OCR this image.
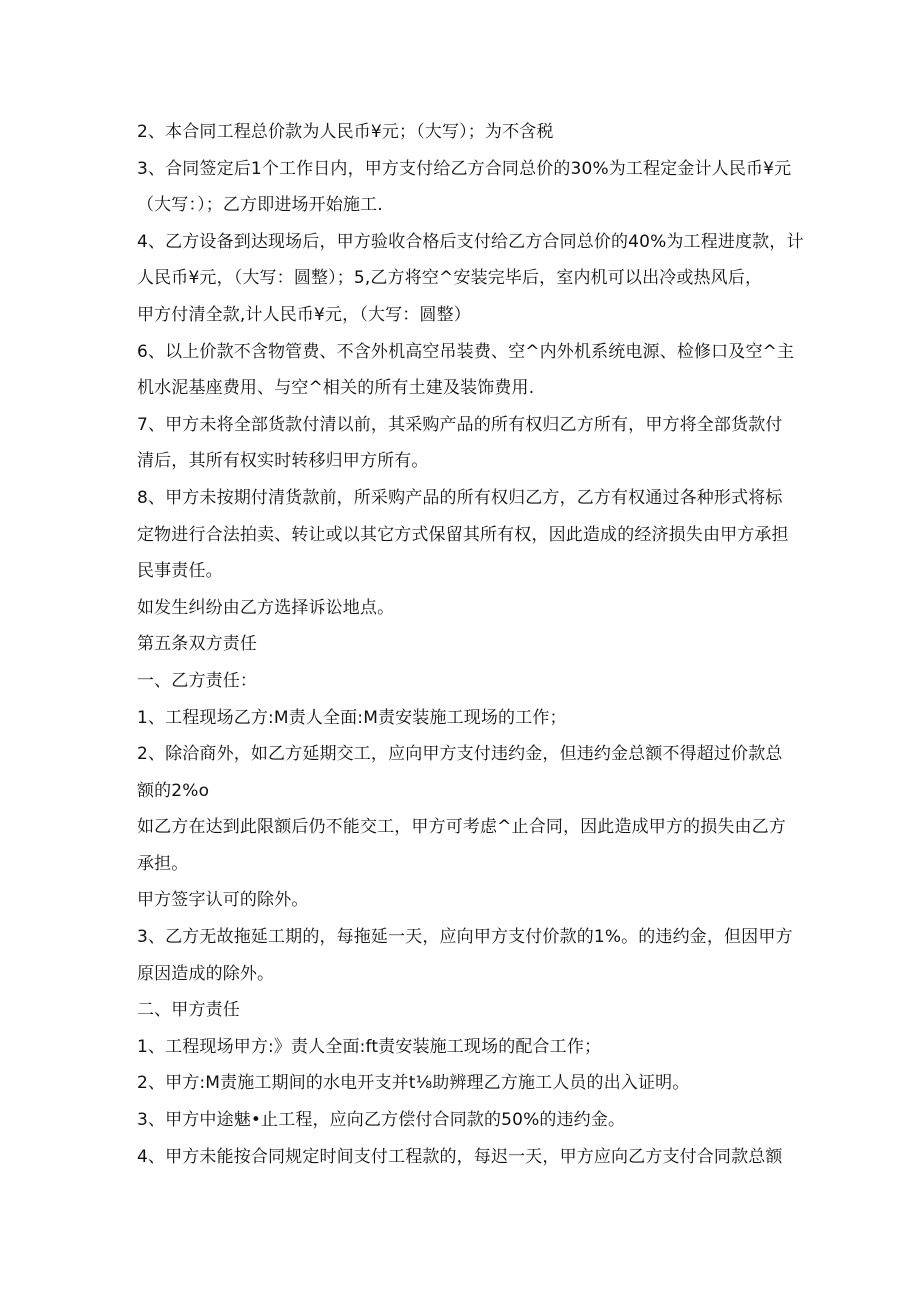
2、本合同工程总价款为人民币¥元；（大写）；为不含税
3、合同签定后1个工作日内，甲方支付给乙方合同总价的30%为工程定金计人民币¥元
（大写：）；乙方即进场开始施工.
4、乙方设备到达现场后，甲方验收合格后支付给乙方合同总价的40%为工程进度款，计
人民币¥元，（大写：圆整）；5,乙方将空^安装完毕后，室内机可以出冷或热风后，
甲方付清全款,计人民币¥元，（大写：圆整）
6、以上价款不含物管费、不含外机高空吊装费、空^内外机系统电源、检修口及空^主
机水泥基座费用、与空^相关的所有土建及装饰费用.
7、甲方未将全部货款付清以前，其采购产品的所有权归乙方所有，甲方将全部货款付
清后，其所有权实时转移归甲方所有。
8、甲方未按期付清货款前，所采购产品的所有权归乙方，乙方有权通过各种形式将标
定物进行合法拍卖、转让或以其它方式保留其所有权，因此造成的经济损失由甲方承担
民事责任。
如发生纠纷由乙方选择诉讼地点。
第五条双方责任
一、乙方责任：
1、工程现场乙方:M责人全面:M责安装施工现场的工作；
2、除洽商外，如乙方延期交工，应向甲方支付违约金，但违约金总额不得超过价款总
额的2%o
如乙方在达到此限额后仍不能交工，甲方可考虑^止合同，因此造成甲方的损失由乙方
承担。
甲方签字认可的除外。
3、乙方无故拖延工期的，每拖延一天，应向甲方支付价款的1%。的违约金，但因甲方
原因造成的除外。
二、甲方责任
1、工程现场甲方:》责人全面:ft责安装施工现场的配合工作；
2、甲方:M责施工期间的水电开支并t⅛助辨理乙方施工人员的出入证明。
3、甲方中途魅•止工程，应向乙方偿付合同款的50%的违约金。
4、甲方未能按合同规定时间支付工程款的，每迟一天，甲方应向乙方支付合同款总额
